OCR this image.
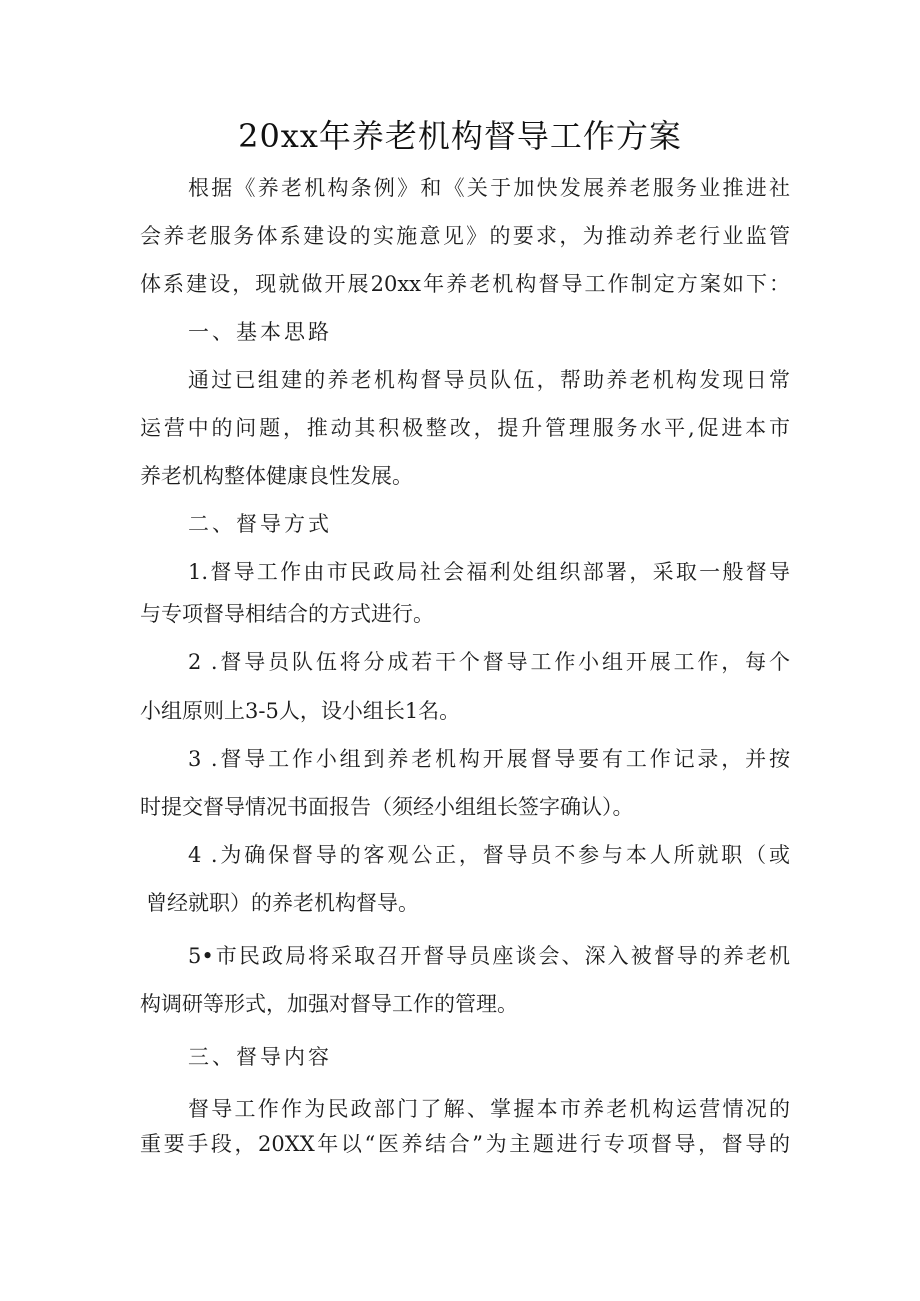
20xx年养老机构督导工作方案
根据《养老机构条例》和《关于加快发展养老服务业推进社
会养老服务体系建设的实施意见》的要求，为推动养老行业监管
体系建设，现就做开展20xx年养老机构督导工作制定方案如下：
一、基本思路
通过已组建的养老机构督导员队伍，帮助养老机构发现日常
运营中的问题，推动其积极整改，提升管理服务水平,促进本市
养老机构整体健康良性发展。
二、督导方式
1.督导工作由市民政局社会福利处组织部署，采取一般督导
与专项督导相结合的方式进行。
2 .督导员队伍将分成若干个督导工作小组开展工作，每个
小组原则上3-5人，设小组长1名。
3 .督导工作小组到养老机构开展督导要有工作记录，并按
时提交督导情况书面报告（须经小组组长签字确认）。
4 .为确保督导的客观公正，督导员不参与本人所就职（或
曾经就职）的养老机构督导。
5•市民政局将采取召开督导员座谈会、深入被督导的养老机
构调研等形式，加强对督导工作的管理。
三、督导内容
督导工作作为民政部门了解、掌握本市养老机构运营情况的
重要手段，20XX年以“医养结合”为主题进行专项督导，督导的
